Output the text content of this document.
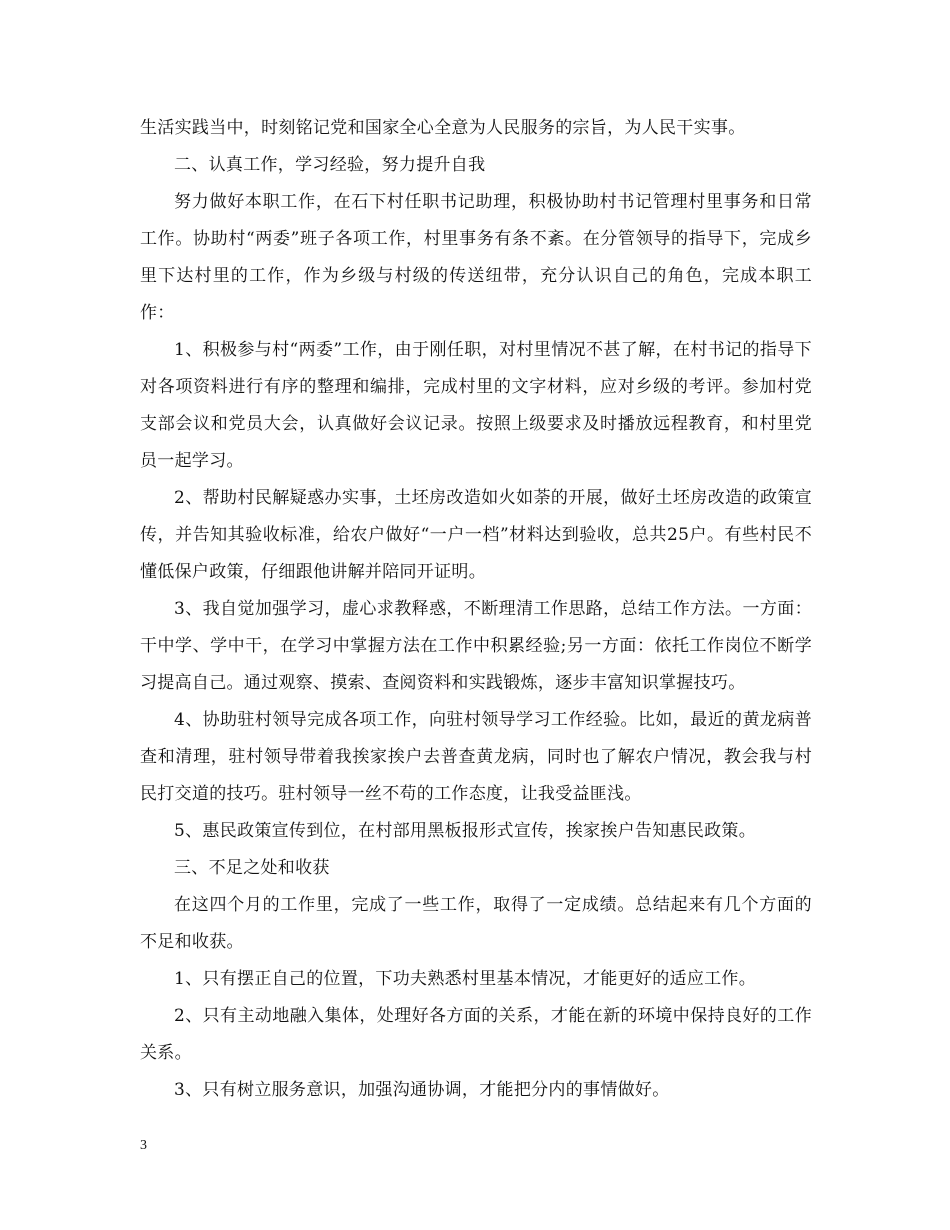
生活实践当中，时刻铭记党和国家全心全意为人民服务的宗旨，为人民干实事。

二、认真工作，学习经验，努力提升自我

努力做好本职工作，在石下村任职书记助理，积极协助村书记管理村里事务和日常工作。协助村“两委”班子各项工作，村里事务有条不紊。在分管领导的指导下，完成乡里下达村里的工作，作为乡级与村级的传送纽带，充分认识自己的角色，完成本职工作：

1、积极参与村“两委”工作，由于刚任职，对村里情况不甚了解，在村书记的指导下对各项资料进行有序的整理和编排，完成村里的文字材料，应对乡级的考评。参加村党支部会议和党员大会，认真做好会议记录。按照上级要求及时播放远程教育，和村里党员一起学习。

2、帮助村民解疑惑办实事，土坯房改造如火如荼的开展，做好土坯房改造的政策宣传，并告知其验收标准，给农户做好“一户一档”材料达到验收，总共25户。有些村民不懂低保户政策，仔细跟他讲解并陪同开证明。

3、我自觉加强学习，虚心求教释惑，不断理清工作思路，总结工作方法。一方面：干中学、学中干，在学习中掌握方法在工作中积累经验;另一方面：依托工作岗位不断学习提高自己。通过观察、摸索、查阅资料和实践锻炼，逐步丰富知识掌握技巧。

4、协助驻村领导完成各项工作，向驻村领导学习工作经验。比如，最近的黄龙病普查和清理，驻村领导带着我挨家挨户去普查黄龙病，同时也了解农户情况，教会我与村民打交道的技巧。驻村领导一丝不苟的工作态度，让我受益匪浅。

5、惠民政策宣传到位，在村部用黑板报形式宣传，挨家挨户告知惠民政策。

三、不足之处和收获

在这四个月的工作里，完成了一些工作，取得了一定成绩。总结起来有几个方面的不足和收获。

1、只有摆正自己的位置，下功夫熟悉村里基本情况，才能更好的适应工作。

2、只有主动地融入集体，处理好各方面的关系，才能在新的环境中保持良好的工作关系。

3、只有树立服务意识，加强沟通协调，才能把分内的事情做好。

3
